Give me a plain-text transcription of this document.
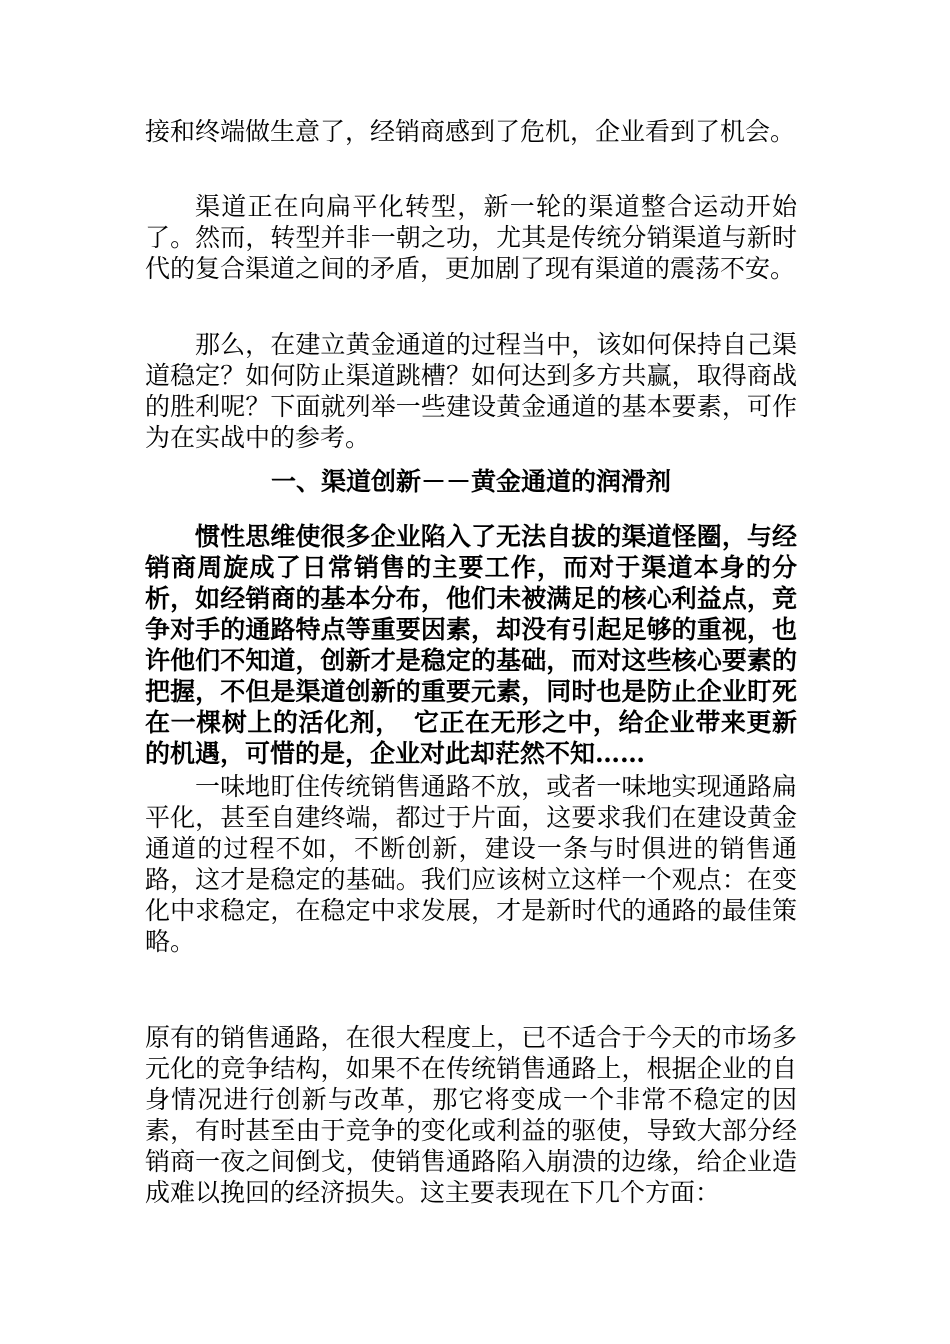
接和终端做生意了，经销商感到了危机，企业看到了机会。

渠道正在向扁平化转型，新一轮的渠道整合运动开始了。然而，转型并非一朝之功，尤其是传统分销渠道与新时代的复合渠道之间的矛盾，更加剧了现有渠道的震荡不安。

那么，在建立黄金通道的过程当中，该如何保持自己渠道稳定？如何防止渠道跳槽？如何达到多方共赢，取得商战的胜利呢？下面就列举一些建设黄金通道的基本要素，可作为在实战中的参考。

一、渠道创新－－黄金通道的润滑剂

惯性思维使很多企业陷入了无法自拔的渠道怪圈，与经销商周旋成了日常销售的主要工作，而对于渠道本身的分析，如经销商的基本分布，他们未被满足的核心利益点，竞争对手的通路特点等重要因素，却没有引起足够的重视，也许他们不知道，创新才是稳定的基础，而对这些核心要素的把握，不但是渠道创新的重要元素，同时也是防止企业盯死在一棵树上的活化剂，　它正在无形之中，给企业带来更新的机遇，可惜的是，企业对此却茫然不知……

一味地盯住传统销售通路不放，或者一味地实现通路扁平化，甚至自建终端，都过于片面，这要求我们在建设黄金通道的过程不如，不断创新，建设一条与时俱进的销售通路，这才是稳定的基础。我们应该树立这样一个观点：在变化中求稳定，在稳定中求发展，才是新时代的通路的最佳策略。

原有的销售通路，在很大程度上，已不适合于今天的市场多元化的竞争结构，如果不在传统销售通路上，根据企业的自身情况进行创新与改革，那它将变成一个非常不稳定的因素，有时甚至由于竞争的变化或利益的驱使，导致大部分经销商一夜之间倒戈，使销售通路陷入崩溃的边缘，给企业造成难以挽回的经济损失。这主要表现在下几个方面：
